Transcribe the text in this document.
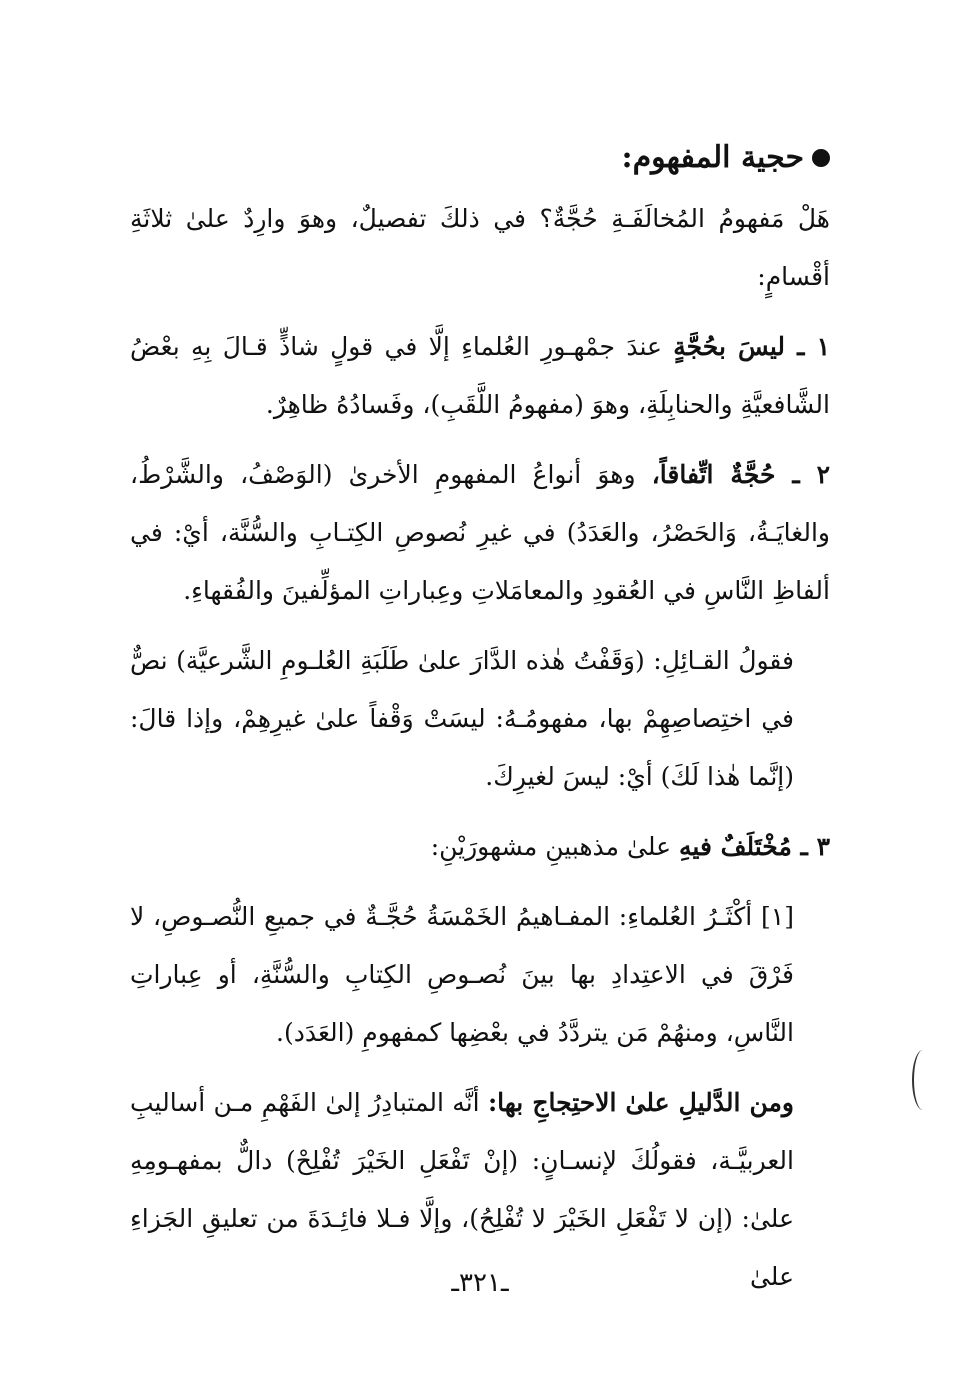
حجية المفهوم:

هَلْ مَفهومُ المُخالَفَـةِ حُجَّةٌ؟ في ذلكَ تفصيلٌ، وهوَ وارِدٌ علىٰ ثلاثَةِ أقْسامٍ:

١ ـ ليسَ بحُجَّةٍ عندَ جمْهـورِ العُلماءِ إلَّا في قولٍ شاذٍّ قـالَ بِهِ بعْضُ الشَّافعيَّةِ والحنابِلَةِ، وهوَ (مفهومُ اللَّقَبِ)، وفَسادُهُ ظاهِرٌ.

٢ ـ حُجَّةٌ اتِّفاقاً، وهوَ أنواعُ المفهومِ الأخرىٰ (الوَصْفُ، والشَّرْطُ، والغايَـةُ، وَالحَصْرُ، والعَدَدُ) في غيرِ نُصوصِ الكِتـابِ والسُّنَّة، أيْ: في ألفاظِ النَّاسِ في العُقودِ والمعامَلاتِ وعِباراتِ المؤلِّفينَ والفُقهاءِ.

فقولُ القـائِلِ: (وَقَفْتُ هٰذه الدَّارَ علىٰ طَلَبَةِ العُلـومِ الشَّرعيَّة) نصٌّ في اختِصاصِهِمْ بها، مفهومُـهُ: ليسَتْ وَقْفاً علىٰ غيرِهِمْ، وإذا قالَ: (إنَّما هٰذا لَكَ) أيْ: ليسَ لغيرِكَ.

٣ ـ مُخْتَلَفٌ فيهِ علىٰ مذهبينِ مشهورَيْنِ:

[١] أكْثَـرُ العُلماءِ: المفـاهيمُ الخَمْسَةُ حُجَّـةٌ في جميعِ النُّصـوصِ، لا فَرْقَ في الاعتِدادِ بها بينَ نُصـوصِ الكِتابِ والسُّنَّةِ، أو عِباراتِ النَّاسِ، ومنهُمْ مَن يتردَّدُ في بعْضِها كمفهومِ (العَدَد).

ومن الدَّليلِ علىٰ الاحتِجاجِ بها: أنَّه المتبادِرُ إلىٰ الفَهْمِ مـن أساليبِ العربيَّـة، فقولُكَ لإنسـانٍ: (إنْ تَفْعَلِ الخَيْرَ تُفْلِحْ) دالٌّ بمفهـومِهِ علىٰ: (إن لا تَفْعَلِ الخَيْرَ لا تُفْلِحُ)، وإلَّا فـلا فائِـدَةَ من تعليقِ الجَزاءِ علىٰ

ـ٣٢١ـ
